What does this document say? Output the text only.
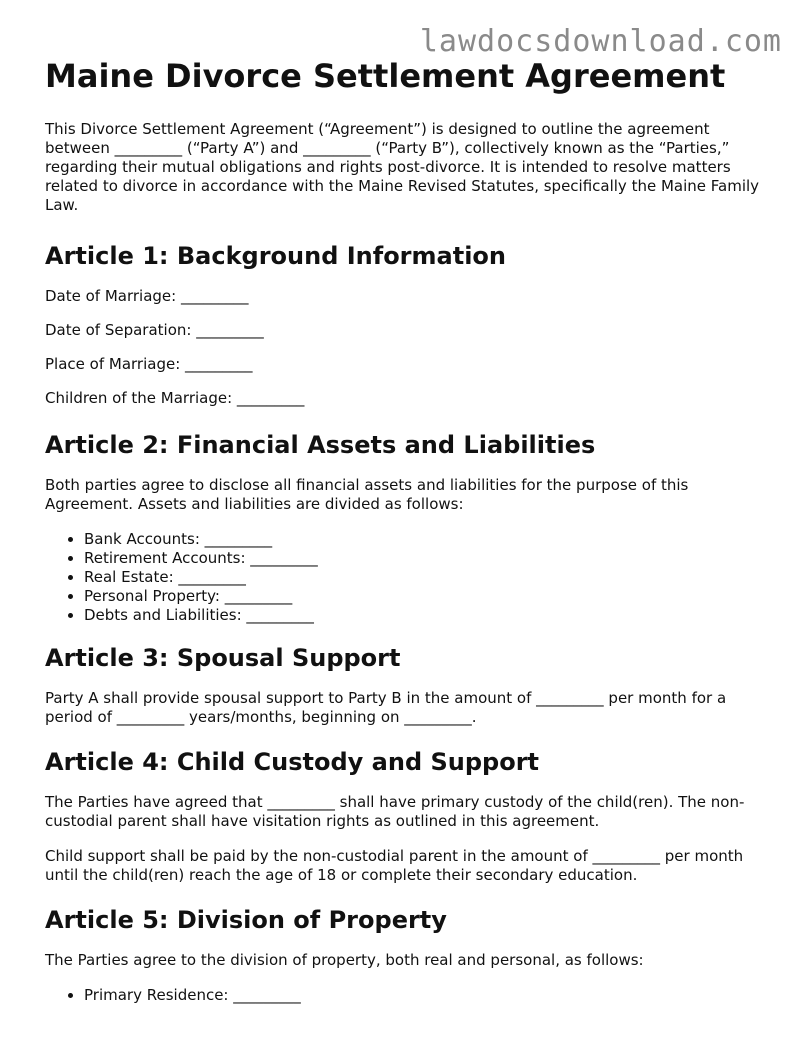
lawdocsdownload.com
Maine Divorce Settlement Agreement

This Divorce Settlement Agreement (“Agreement”) is designed to outline the agreement between _________ (“Party A”) and _________ (“Party B”), collectively known as the “Parties,” regarding their mutual obligations and rights post-divorce. It is intended to resolve matters related to divorce in accordance with the Maine Revised Statutes, specifically the Maine Family Law.

Article 1: Background Information
Date of Marriage: _________
Date of Separation: _________
Place of Marriage: _________
Children of the Marriage: _________
Article 2: Financial Assets and Liabilities

Both parties agree to disclose all financial assets and liabilities for the purpose of this Agreement. Assets and liabilities are divided as follows:

• Bank Accounts: _________
• Retirement Accounts: _________
• Real Estate: _________
• Personal Property: _________
• Debts and Liabilities: _________
Article 3: Spousal Support

Party A shall provide spousal support to Party B in the amount of _________ per month for a period of _________ years/months, beginning on _________.

Article 4: Child Custody and Support

The Parties have agreed that _________ shall have primary custody of the child(ren). The non-custodial parent shall have visitation rights as outlined in this agreement.

Child support shall be paid by the non-custodial parent in the amount of _________ per month until the child(ren) reach the age of 18 or complete their secondary education.

Article 5: Division of Property

The Parties agree to the division of property, both real and personal, as follows:

• Primary Residence: _________
